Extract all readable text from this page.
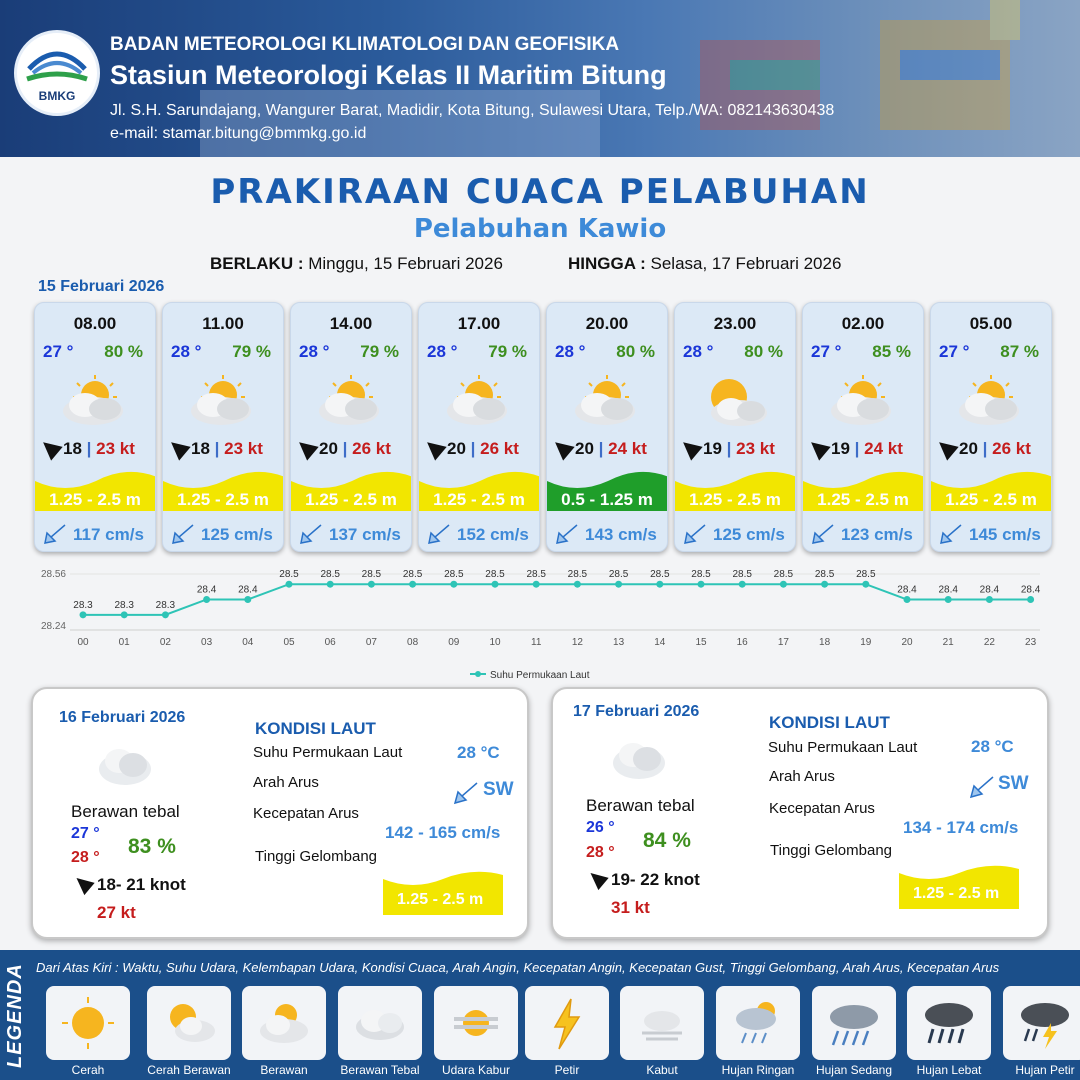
BMKG
BADAN METEOROLOGI KLIMATOLOGI DAN GEOFISIKA
Stasiun Meteorologi Kelas II Maritim Bitung
Jl. S.H. Sarundajang, Wangurer Barat, Madidir, Kota Bitung, Sulawesi Utara, Telp./WA: 082143630438
e-mail: stamar.bitung@bmmkg.go.id
PRAKIRAAN CUACA PELABUHAN
Pelabuhan Kawio
BERLAKU : Minggu, 15 Februari 2026	HINGGA : Selasa, 17 Februari 2026
15 Februari 2026
08.00
27 ° 80 %
18 | 23 kt
1.25 - 2.5 m
117 cm/s
11.00
28 ° 79 %
18 | 23 kt
1.25 - 2.5 m
125 cm/s
14.00
28 ° 79 %
20 | 26 kt
1.25 - 2.5 m
137 cm/s
17.00
28 ° 79 %
20 | 26 kt
1.25 - 2.5 m
152 cm/s
20.00
28 ° 80 %
20 | 24 kt
0.5 - 1.25 m
143 cm/s
23.00
28 ° 80 %
19 | 23 kt
1.25 - 2.5 m
125 cm/s
02.00
27 ° 85 %
19 | 24 kt
1.25 - 2.5 m
123 cm/s
05.00
27 ° 87 %
20 | 26 kt
1.25 - 2.5 m
145 cm/s
28.56
28.24
28.3
00
28.3
01
28.3
02
28.4
03
28.4
04
28.5
05
28.5
06
28.5
07
28.5
08
28.5
09
28.5
10
28.5
11
28.5
12
28.5
13
28.5
14
28.5
15
28.5
16
28.5
17
28.5
18
28.5
19
28.4
20
28.4
21
28.4
22
28.4
23
Suhu Permukaan Laut
16 Februari 2026
Berawan tebal
27 °
28 ° 83 %
18- 21 knot
27 kt
KONDISI LAUT
Suhu Permukaan Laut	28 °C
Arah Arus	SW
Kecepatan Arus
142 - 165 cm/s
Tinggi Gelombang
1.25 - 2.5 m
17 Februari 2026
Berawan tebal
26 °
28 °
84 %
19- 22 knot
31 kt
KONDISI LAUT
Suhu Permukaan Laut	28 °C
Arah Arus	SW
Kecepatan Arus
134 - 174 cm/s
Tinggi Gelombang
1.25 - 2.5 m
LEGENDA Dari Atas Kiri : Waktu, Suhu Udara, Kelembapan Udara, Kondisi Cuaca, Arah Angin, Kecepatan Angin, Kecepatan Gust, Tinggi Gelombang, Arah Arus, Kecepatan Arus
Cerah	Cerah Berawan	Berawan	Berawan Tebal	Udara Kabur	Petir	Kabut	Hujan Ringan	Hujan Sedang	Hujan Lebat	Hujan Petir
